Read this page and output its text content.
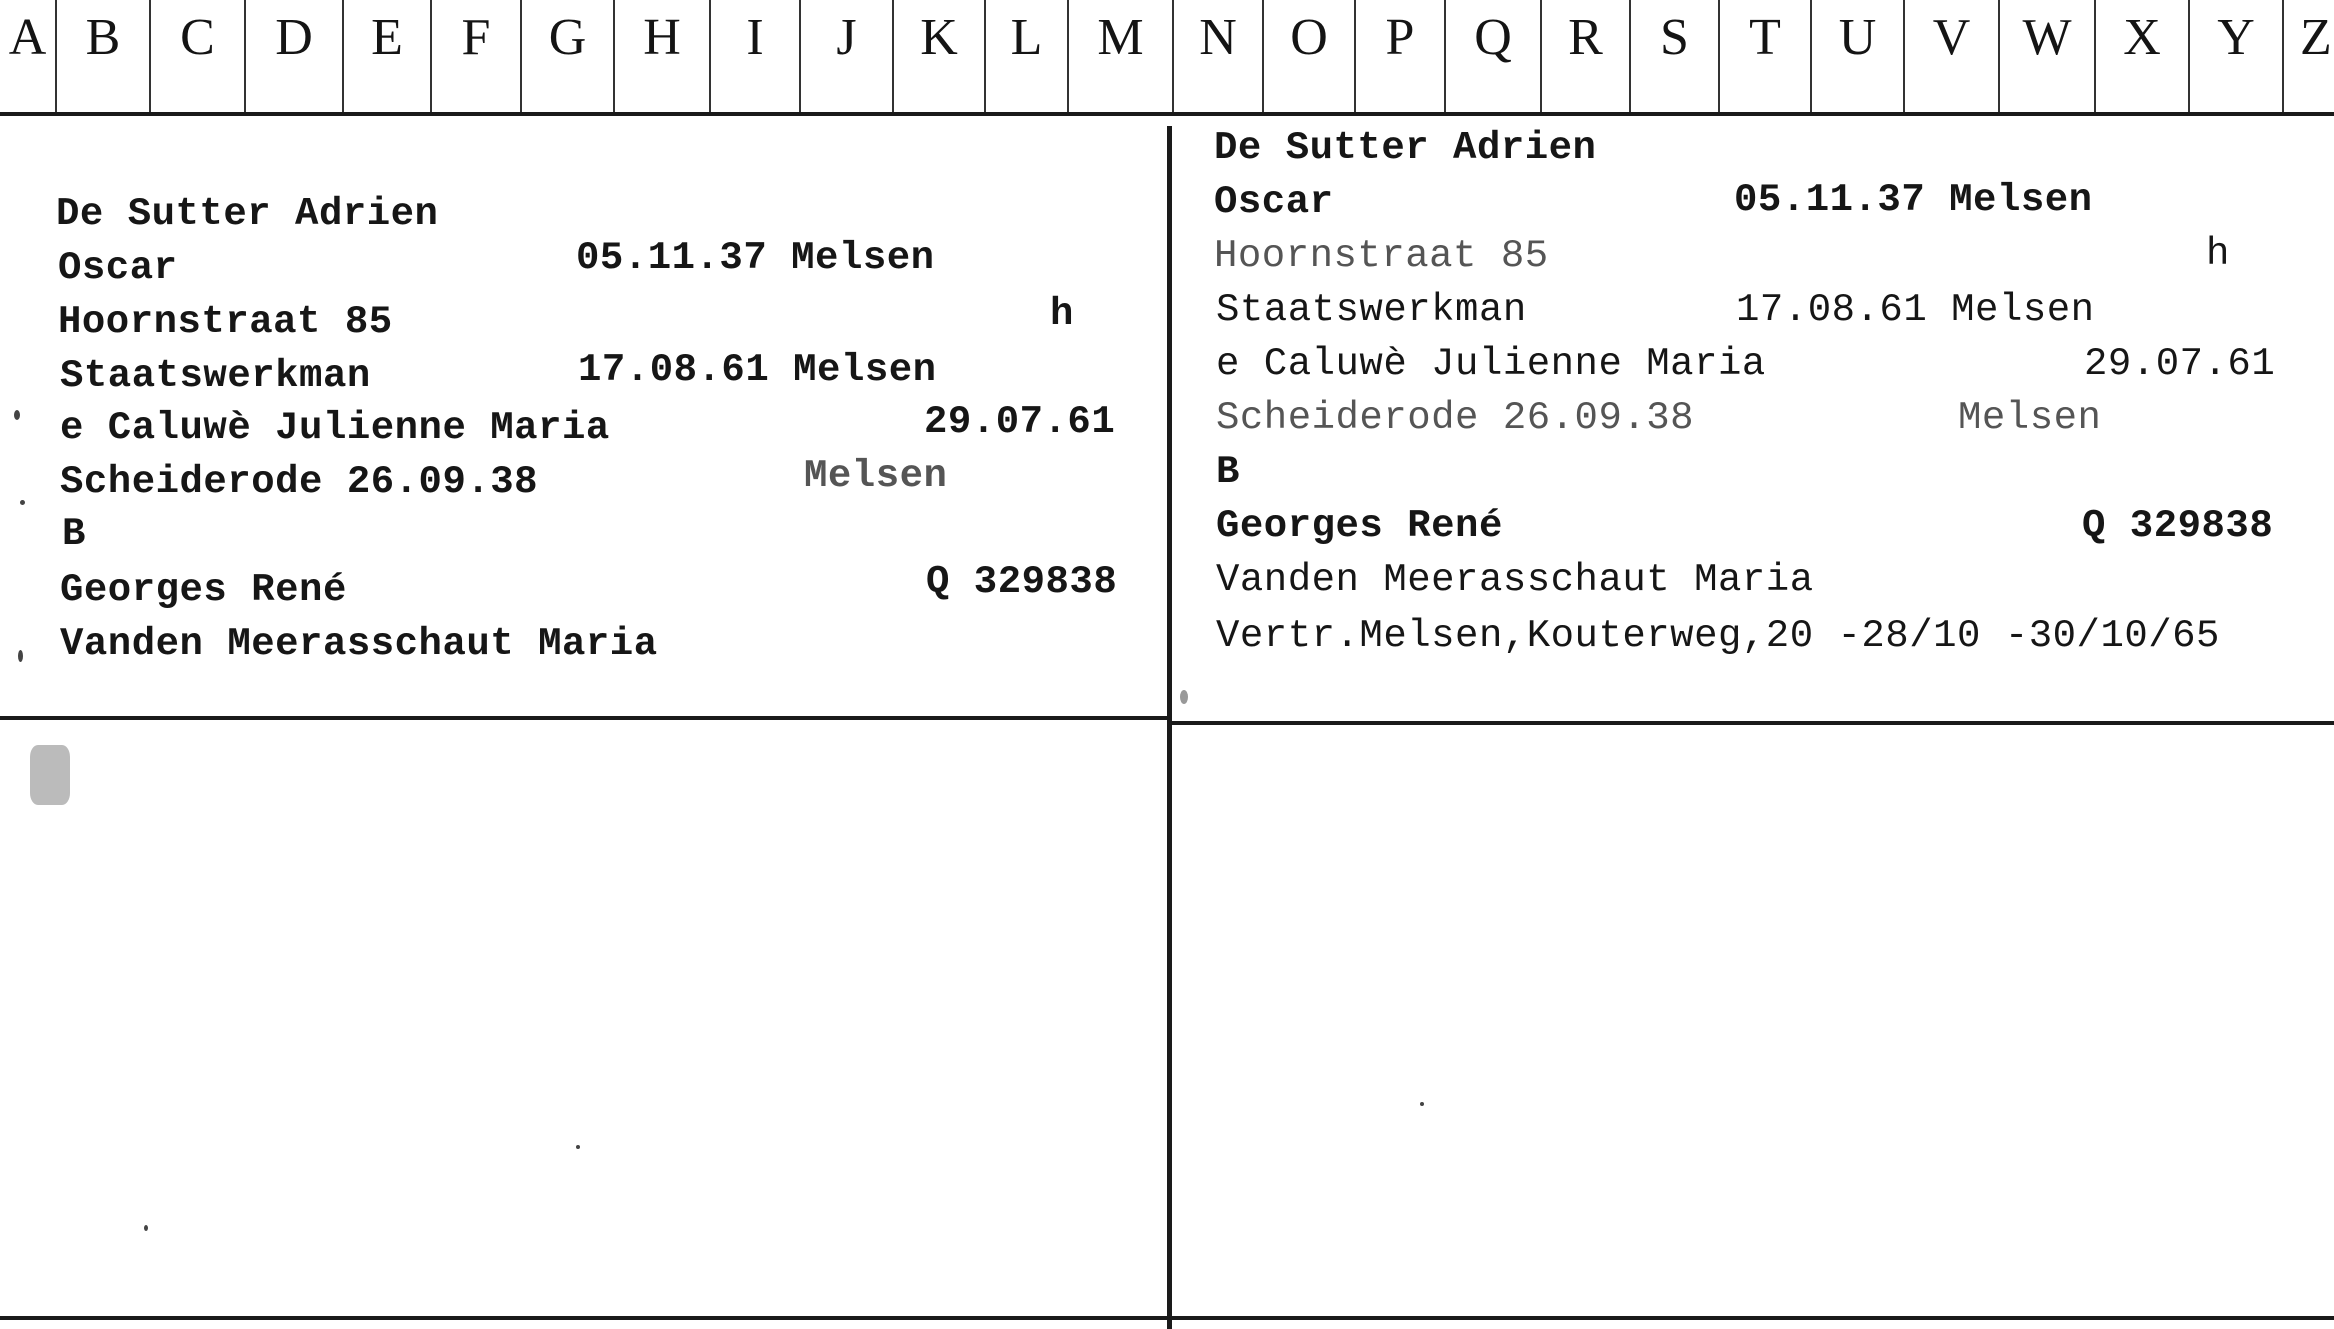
A B	C	D	E	F	G	H	I	J	K	L	M	N	O	P	Q	R	S	T	U	V	W X	Y Z
De Sutter Adrien
Oscar	05.11.37 Melsen
Hoornstraat 85	h
Staatswerkman	17.08.61 Melsen
e Caluwè Julienne Maria	29.07.61
Scheiderode 26.09.38	Melsen
B
Georges René	Q 329838
Vanden Meerasschaut Maria
De Sutter Adrien
Oscar	05.11.37 Melsen
Hoornstraat 85	h
Staatswerkman	17.08.61 Melsen
e Caluwè Julienne Maria	29.07.61
Scheiderode 26.09.38	Melsen
B
Georges René	Q 329838
Vanden Meerasschaut Maria
Vertr.Melsen,Kouterweg,20 -28/10 -30/10/65
